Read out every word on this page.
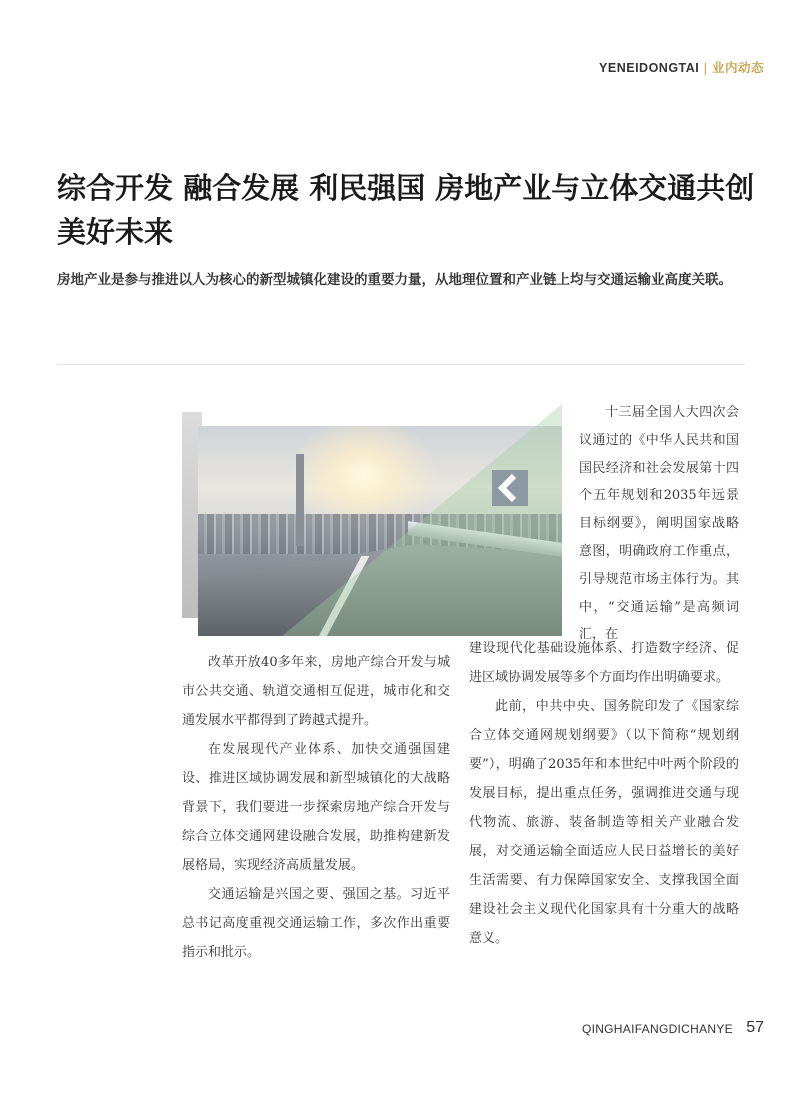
YENEIDONGTAI | 业内动态
综合开发 融合发展 利民强国 房地产业与立体交通共创美好未来

房地产业是参与推进以人为核心的新型城镇化建设的重要力量，从地理位置和产业链上均与交通运输业高度关联。

十三届全国人大四次会议通过的《中华人民共和国国民经济和社会发展第十四个五年规划和2035年远景目标纲要》，阐明国家战略意图，明确政府工作重点，引导规范市场主体行为。其中，“交通运输”是高频词汇，在

建设现代化基础设施体系、打造数字经济、促进区域协调发展等多个方面均作出明确要求。

此前，中共中央、国务院印发了《国家综合立体交通网规划纲要》（以下简称“规划纲要”），明确了2035年和本世纪中叶两个阶段的发展目标，提出重点任务，强调推进交通与现代物流、旅游、装备制造等相关产业融合发展，对交通运输全面适应人民日益增长的美好生活需要、有力保障国家安全、支撑我国全面建设社会主义现代化国家具有十分重大的战略意义。

改革开放40多年来，房地产综合开发与城市公共交通、轨道交通相互促进，城市化和交通发展水平都得到了跨越式提升。

在发展现代产业体系、加快交通强国建设、推进区域协调发展和新型城镇化的大战略背景下，我们要进一步探索房地产综合开发与综合立体交通网建设融合发展，助推构建新发展格局，实现经济高质量发展。

交通运输是兴国之要、强国之基。习近平总书记高度重视交通运输工作，多次作出重要指示和批示。

QINGHAIFANGDICHANYE 57
